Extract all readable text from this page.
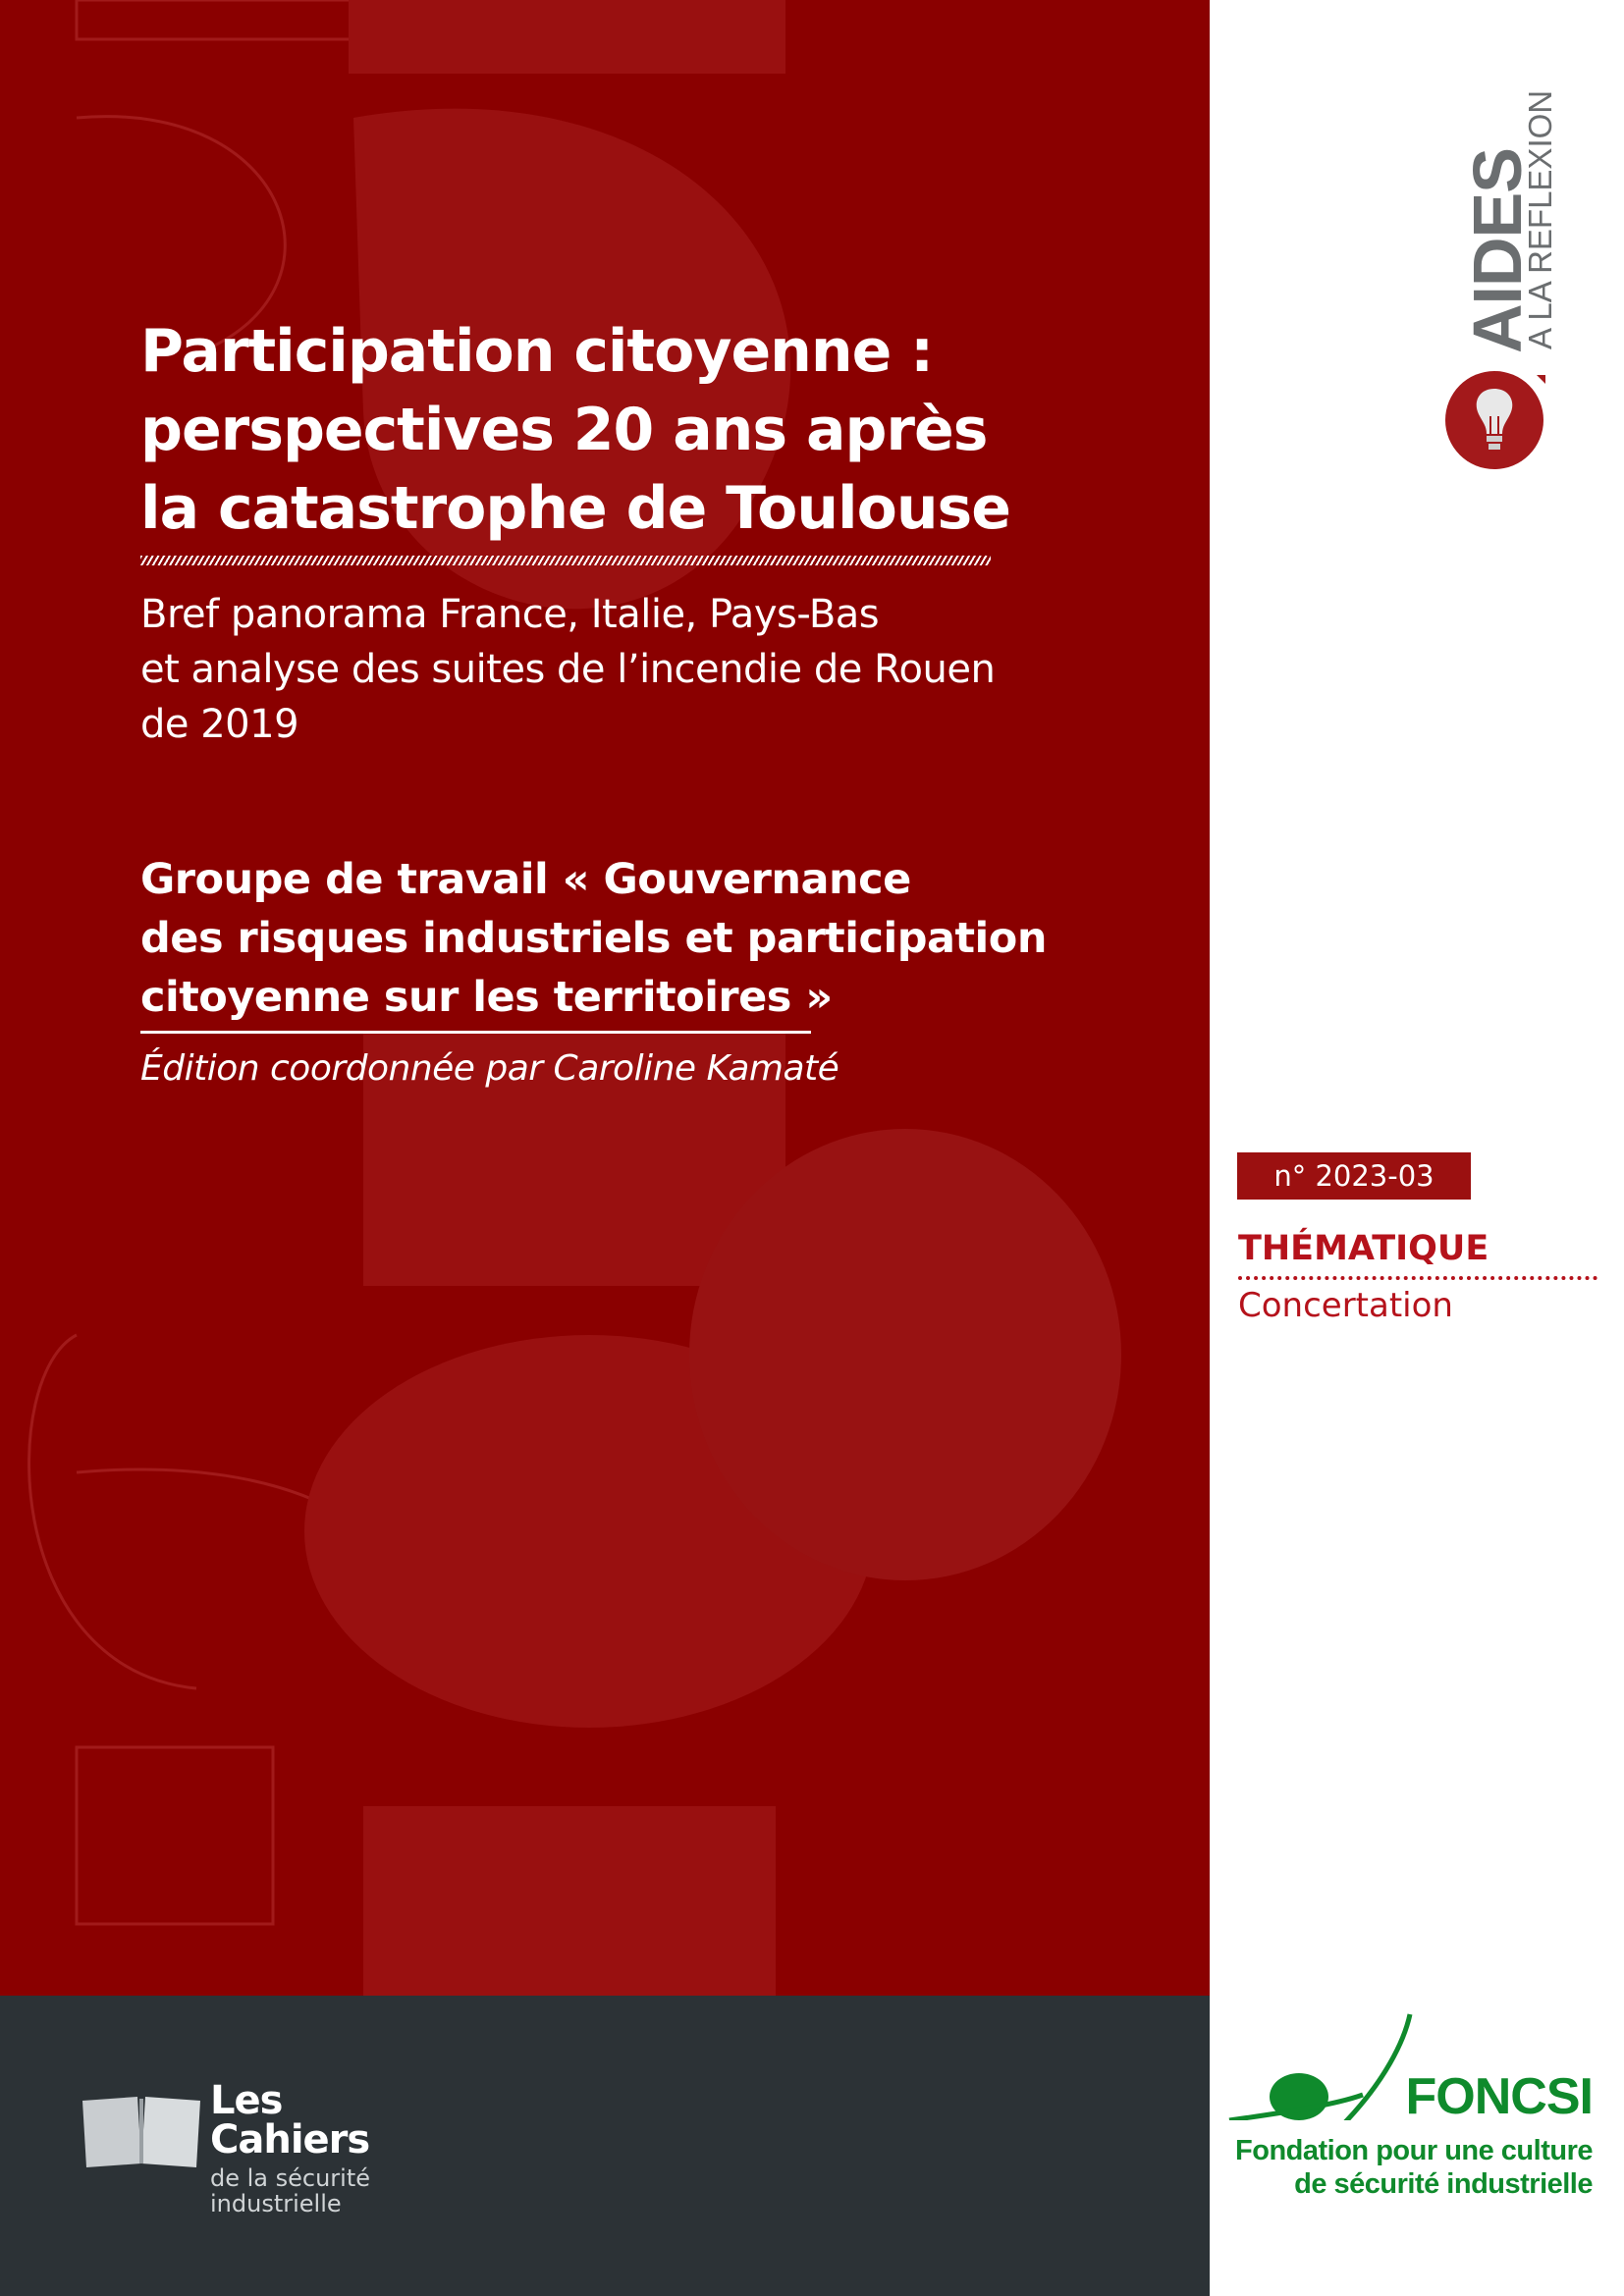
Participation citoyenne :
perspectives 20 ans après
la catastrophe de Toulouse
Bref panorama France, Italie, Pays-Bas
et analyse des suites de l’incendie de Rouen
de 2019
Groupe de travail « Gouvernance
des risques industriels et participation
citoyenne sur les territoires »
Édition coordonnée par Caroline Kamaté
AIDES
A LA REFLEXION
n° 2023-03
THÉMATIQUE
Concertation
Les
Cahiers
de la sécurité
industrielle
FONCSI
Fondation pour une culture
de sécurité industrielle
